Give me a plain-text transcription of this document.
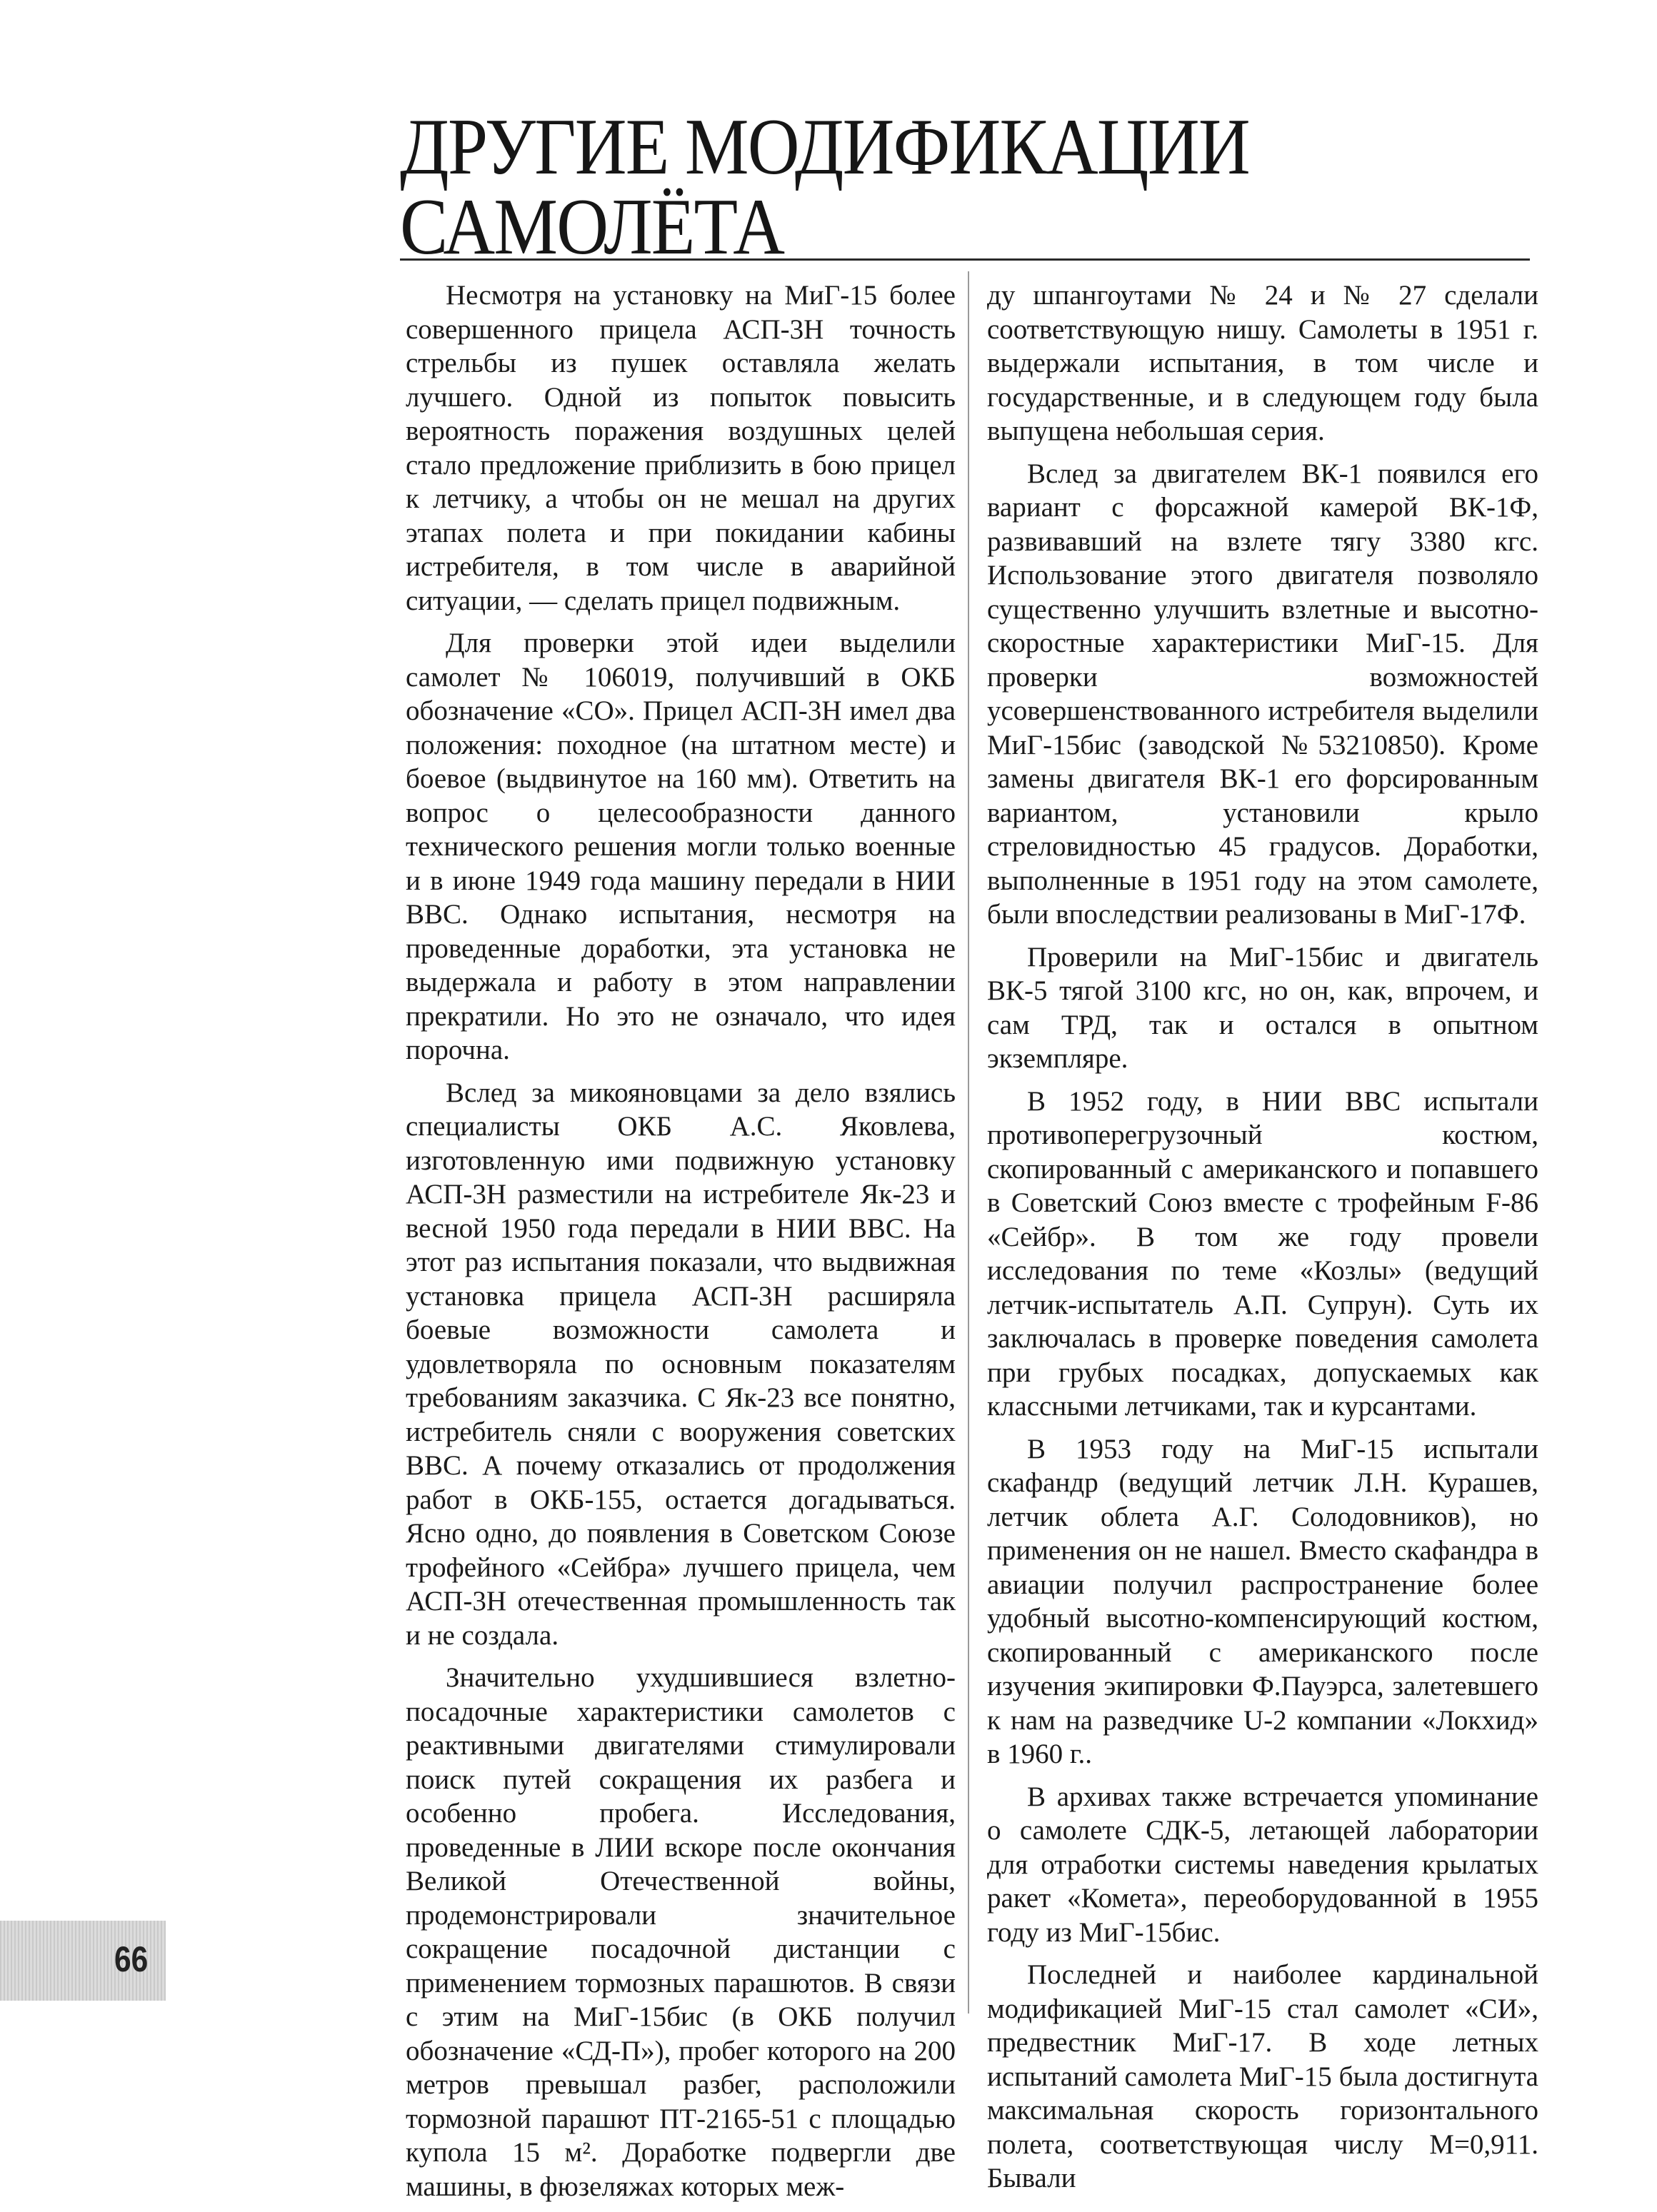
ДРУГИЕ МОДИФИКАЦИИ
САМОЛЁТА

Несмотря на установку на МиГ-15 более совершенного прицела АСП-3Н точность стрельбы из пушек оставляла желать лучшего. Одной из попыток повысить вероятность поражения воздушных целей стало предложение приблизить в бою прицел к летчику, а чтобы он не мешал на других этапах полета и при покидании кабины истребителя, в том числе в аварийной ситуации, — сделать прицел подвижным.

Для проверки этой идеи выделили самолет № 106019, получивший в ОКБ обозначение «СО». Прицел АСП-3Н имел два положения: походное (на штатном месте) и боевое (выдвинутое на 160 мм). Ответить на вопрос о целесообразности данного технического решения могли только военные и в июне 1949 года машину передали в НИИ ВВС. Однако испытания, несмотря на проведенные доработки, эта установка не выдержала и работу в этом направлении прекратили. Но это не означало, что идея порочна.

Вслед за микояновцами за дело взялись специалисты ОКБ А.С. Яковлева, изготовленную ими подвижную установку АСП-3Н разместили на истребителе Як-23 и весной 1950 года передали в НИИ ВВС. На этот раз испытания показали, что выдвижная установка прицела АСП-3Н расширяла боевые возможности самолета и удовлетворяла по основным показателям требованиям заказчика. С Як-23 все понятно, истребитель сняли с вооружения советских ВВС. А почему отказались от продолжения работ в ОКБ-155, остается догадываться. Ясно одно, до появления в Советском Союзе трофейного «Сейбра» лучшего прицела, чем АСП-3Н отечественная промышленность так и не создала.

Значительно ухудшившиеся взлетно-посадочные характеристики самолетов с реактивными двигателями стимулировали поиск путей сокращения их разбега и особенно пробега. Исследования, проведенные в ЛИИ вскоре после окончания Великой Отечественной войны, продемонстрировали значительное сокращение посадочной дистанции с применением тормозных парашютов. В связи с этим на МиГ-15бис (в ОКБ получил обозначение «СД-П»), пробег которого на 200 метров превышал разбег, расположили тормозной парашют ПТ-2165-51 с площадью купола 15 м². Доработке подвергли две машины, в фюзеляжах которых меж-

ду шпангоутами № 24 и № 27 сделали соответствующую нишу. Самолеты в 1951 г. выдержали испытания, в том числе и государственные, и в следующем году была выпущена небольшая серия.

Вслед за двигателем ВК-1 появился его вариант с форсажной камерой ВК-1Ф, развивавший на взлете тягу 3380 кгс. Использование этого двигателя позволяло существенно улучшить взлетные и высотно-скоростные характеристики МиГ-15. Для проверки возможностей усовершенствованного истребителя выделили МиГ-15бис (заводской №53210850). Кроме замены двигателя ВК-1 его форсированным вариантом, установили крыло стреловидностью 45 градусов. Доработки, выполненные в 1951 году на этом самолете, были впоследствии реализованы в МиГ-17Ф.

Проверили на МиГ-15бис и двигатель ВК-5 тягой 3100 кгс, но он, как, впрочем, и сам ТРД, так и остался в опытном экземпляре.

В 1952 году, в НИИ ВВС испытали противоперегрузочный костюм, скопированный с американского и попавшего в Советский Союз вместе с трофейным F-86 «Сейбр». В том же году провели исследования по теме «Козлы» (ведущий летчик-испытатель А.П. Супрун). Суть их заключалась в проверке поведения самолета при грубых посадках, допускаемых как классными летчиками, так и курсантами.

В 1953 году на МиГ-15 испытали скафандр (ведущий летчик Л.Н. Курашев, летчик облета А.Г. Солодовников), но применения он не нашел. Вместо скафандра в авиации получил распространение более удобный высотно-компенсирующий костюм, скопированный с американского после изучения экипировки Ф.Пауэрса, залетевшего к нам на разведчике U-2 компании «Локхид» в 1960 г..

В архивах также встречается упоминание о самолете СДК-5, летающей лаборатории для отработки системы наведения крылатых ракет «Комета», переоборудованной в 1955 году из МиГ-15бис.

Последней и наиболее кардинальной модификацией МиГ-15 стал самолет «СИ», предвестник МиГ-17. В ходе летных испытаний самолета МиГ-15 была достигнута максимальная скорость горизонтального полета, соответствующая числу М=0,911. Бывали

66
